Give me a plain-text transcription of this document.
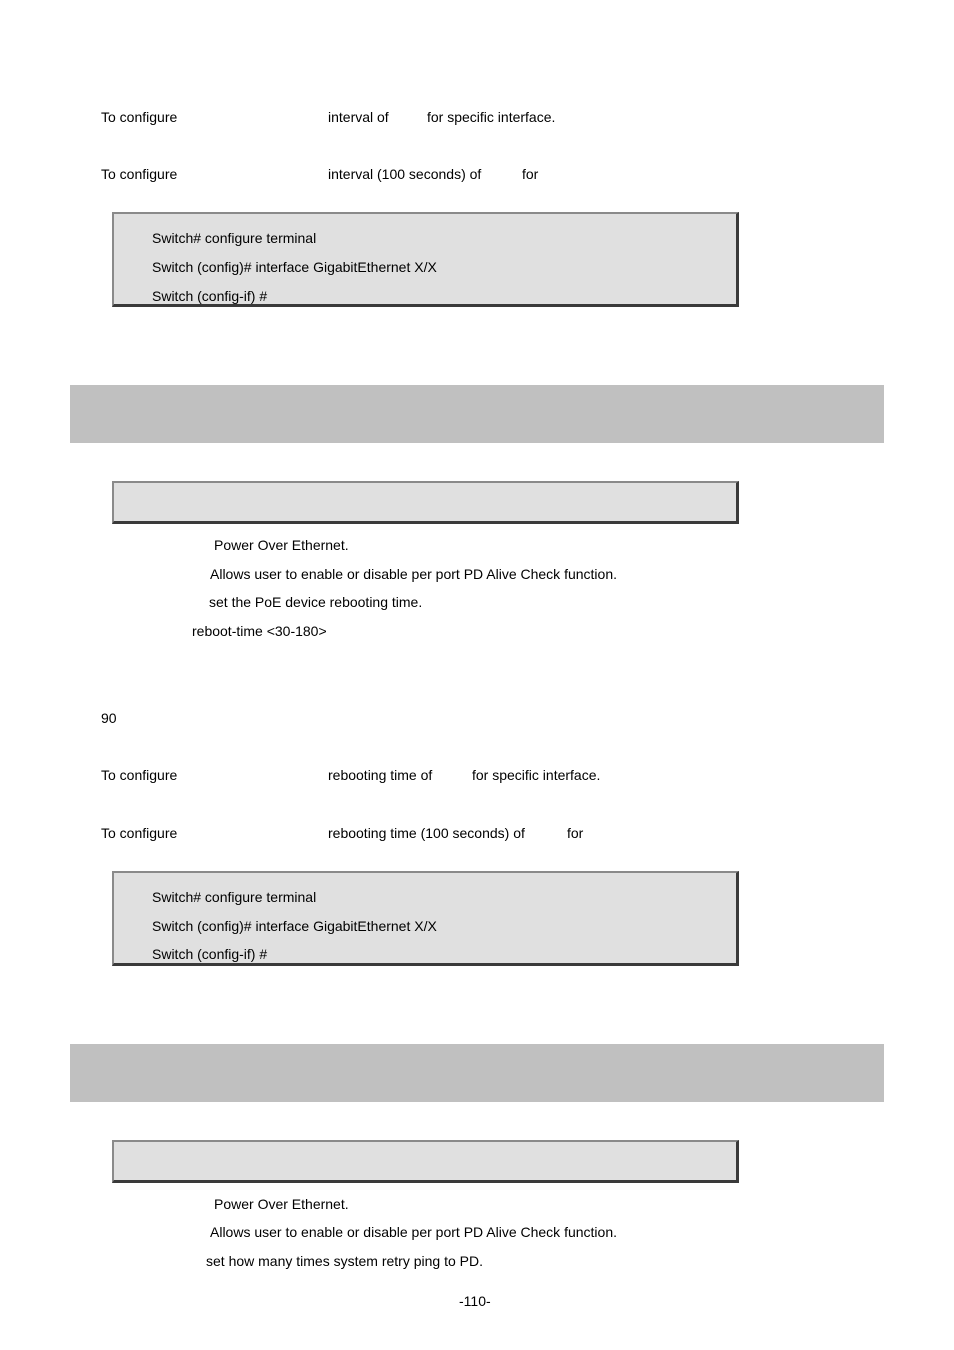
To configure	interval of	for specific interface.
To configure	interval (100 seconds) of	for
Switch# configure terminal
Switch (config)# interface GigabitEthernet X/X
Switch (config-if) #
Power Over Ethernet.
Allows user to enable or disable per port PD Alive Check function.
set the PoE device rebooting time.
reboot-time <30-180>
90
To configure	rebooting time of	for specific interface.
To configure	rebooting time (100 seconds) of	for
Switch# configure terminal
Switch (config)# interface GigabitEthernet X/X
Switch (config-if) #
Power Over Ethernet.
Allows user to enable or disable per port PD Alive Check function.
set how many times system retry ping to PD.
-110-
